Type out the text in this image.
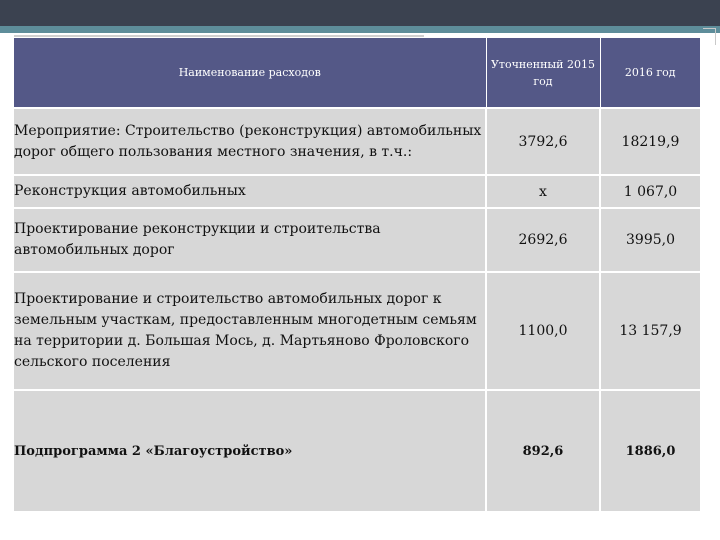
Наименование расходов	Уточненный 2015 год	2016 год
Мероприятие: Строительство (реконструкция) автомобильных дорог общего пользования местного значения, в т.ч.:	3792,6	18219,9
Реконструкция автомобильных	х	1 067,0
Проектирование реконструкции и строительства автомобильных дорог	2692,6	3995,0
Проектирование и строительство автомобильных дорог к земельным участкам, предоставленным многодетным семьям на территории д. Большая Мось, д. Мартьяново Фроловского сельского поселения	1100,0	13 157,9
Подпрограмма 2 «Благоустройство»	892,6	1886,0
